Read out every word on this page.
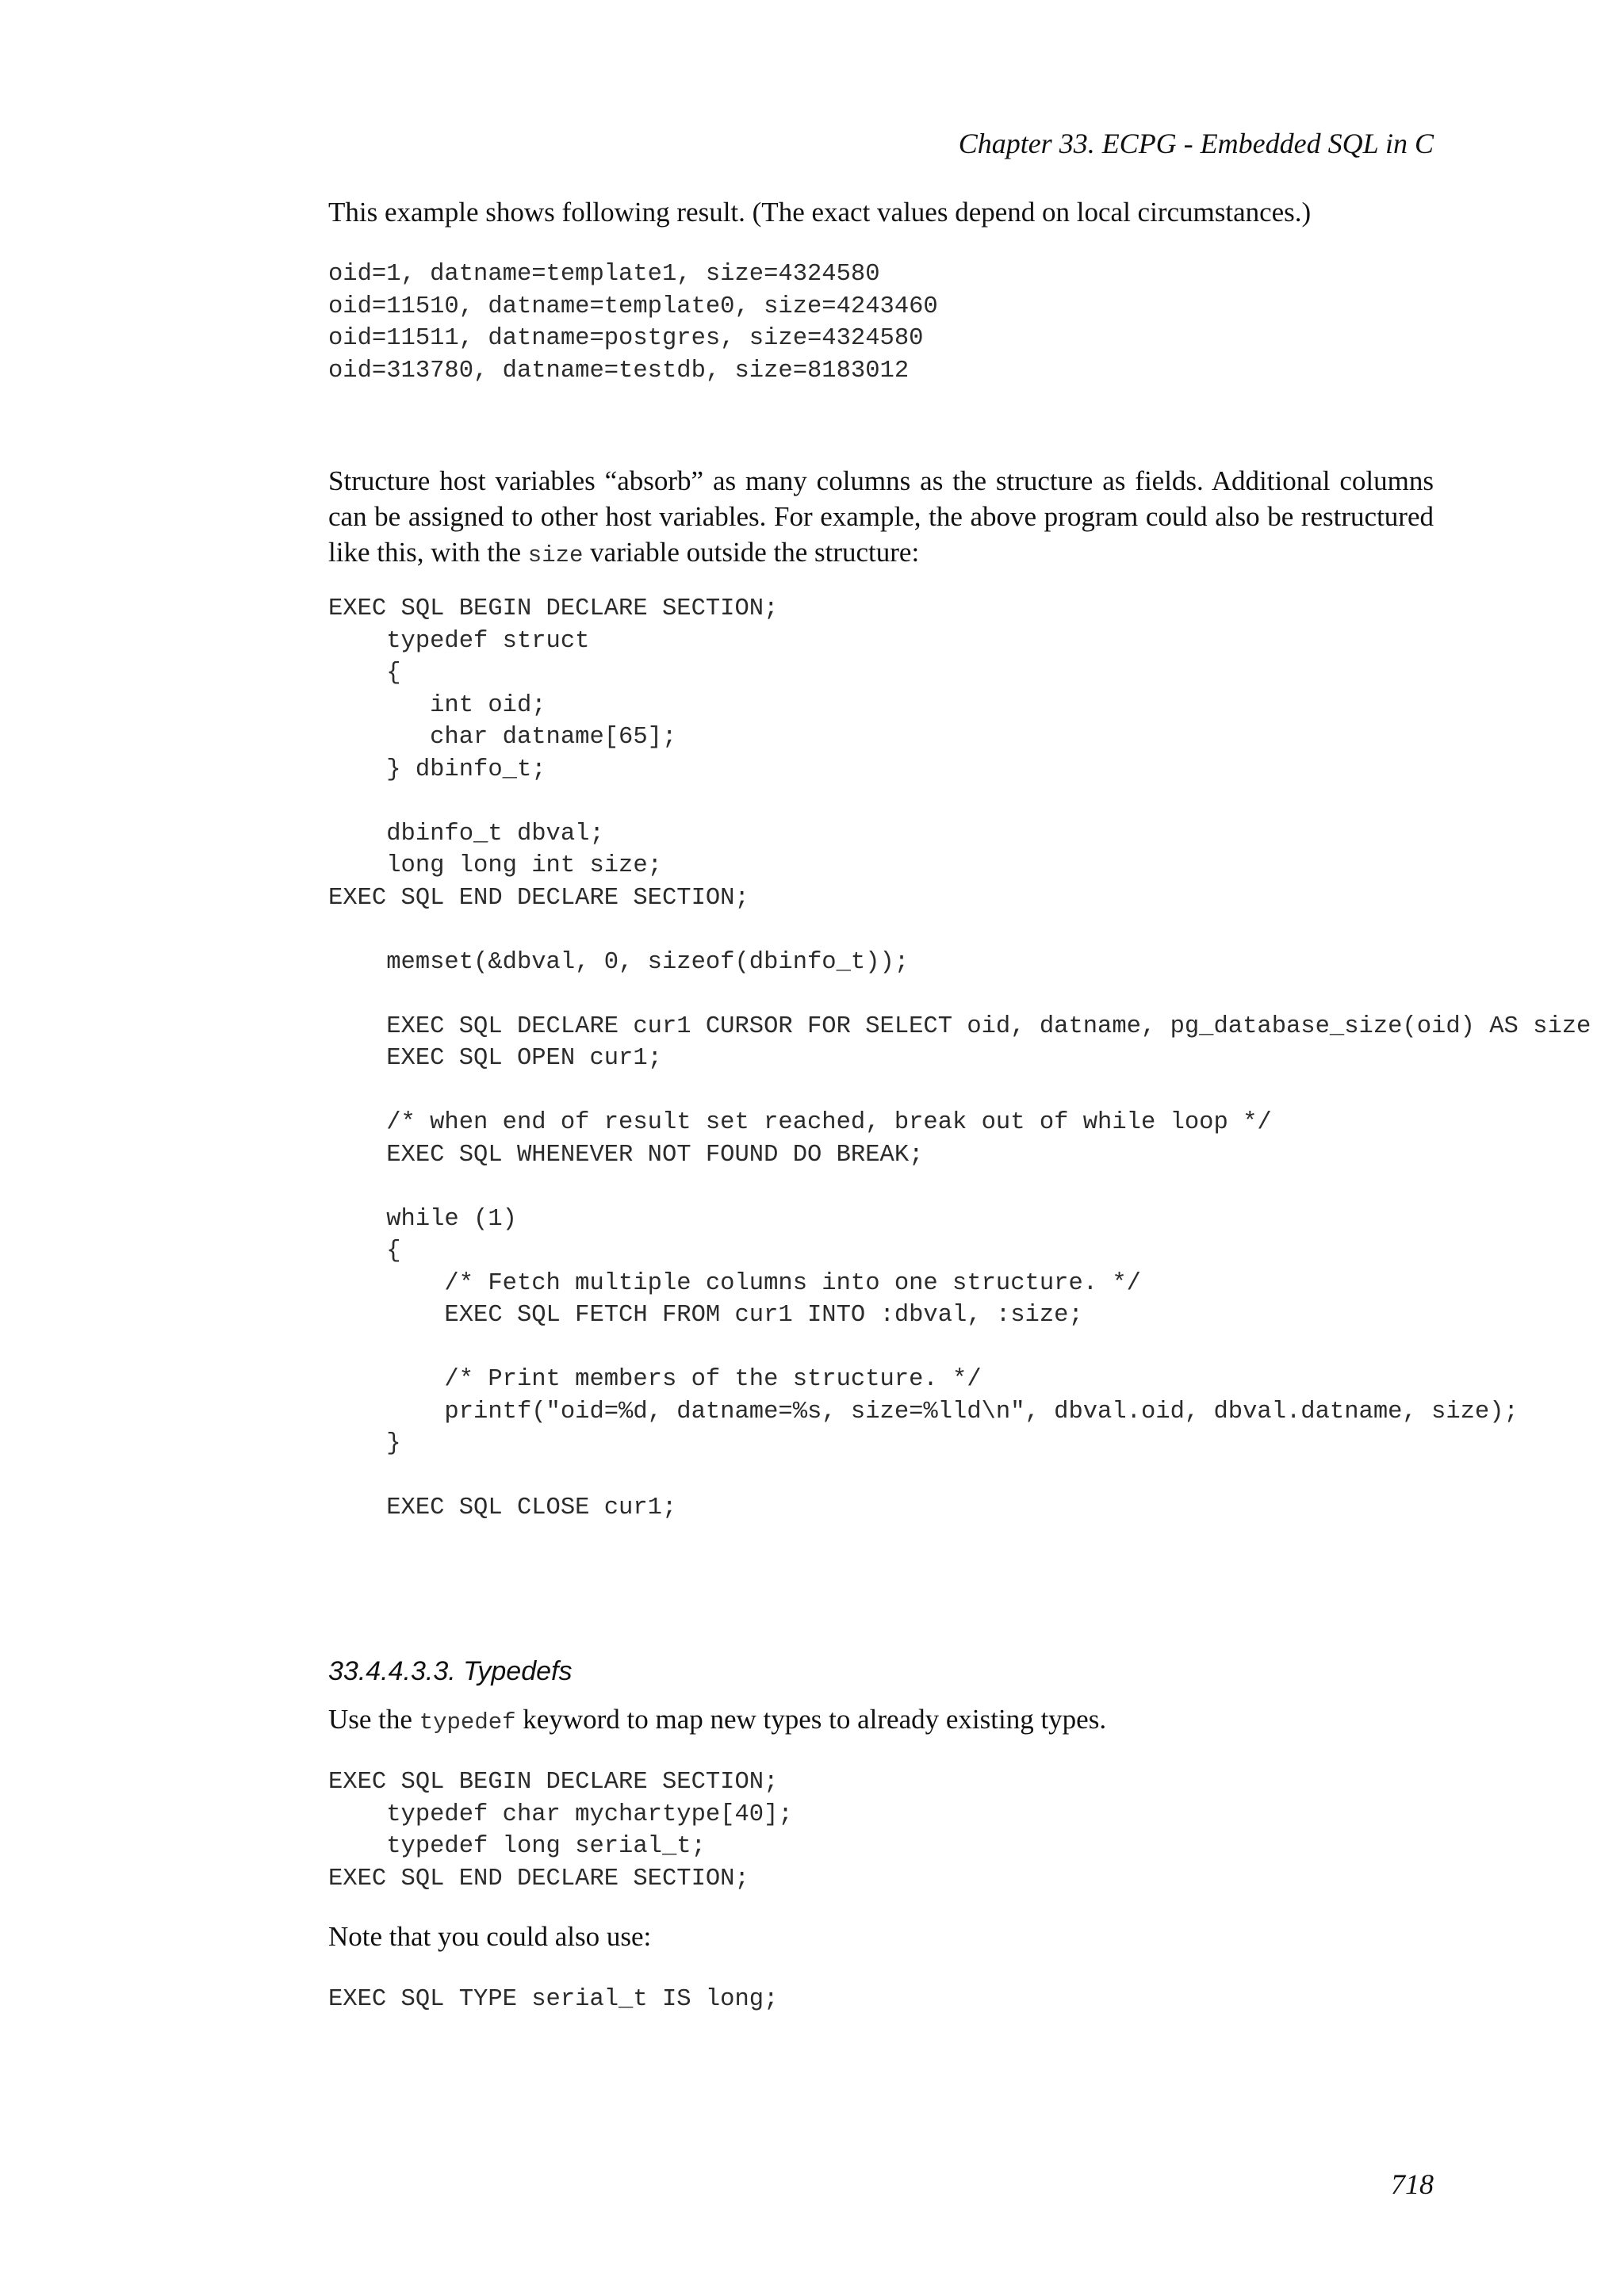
Chapter 33. ECPG - Embedded SQL in C

This example shows following result. (The exact values depend on local circumstances.)

oid=1, datname=template1, size=4324580
oid=11510, datname=template0, size=4243460
oid=11511, datname=postgres, size=4324580
oid=313780, datname=testdb, size=8183012

Structure host variables “absorb” as many columns as the structure as fields. Additional columns can be assigned to other host variables. For example, the above program could also be restructured like this, with the size variable outside the structure:

EXEC SQL BEGIN DECLARE SECTION;
typedef struct
{
int oid;
char datname[65];
} dbinfo_t;

dbinfo_t dbval;
long long int size;
EXEC SQL END DECLARE SECTION;

memset(&dbval, 0, sizeof(dbinfo_t));

EXEC SQL DECLARE cur1 CURSOR FOR SELECT oid, datname, pg_database_size(oid) AS size
EXEC SQL OPEN cur1;

/* when end of result set reached, break out of while loop */
EXEC SQL WHENEVER NOT FOUND DO BREAK;

while (1)
{
/* Fetch multiple columns into one structure. */
EXEC SQL FETCH FROM cur1 INTO :dbval, :size;

/* Print members of the structure. */
printf("oid=%d, datname=%s, size=%lld\n", dbval.oid, dbval.datname, size);
}

EXEC SQL CLOSE cur1;
33.4.4.3.3. Typedefs

Use the typedef keyword to map new types to already existing types.

EXEC SQL BEGIN DECLARE SECTION;
typedef char mychartype[40];
typedef long serial_t;
EXEC SQL END DECLARE SECTION;

Note that you could also use:

EXEC SQL TYPE serial_t IS long;
718
